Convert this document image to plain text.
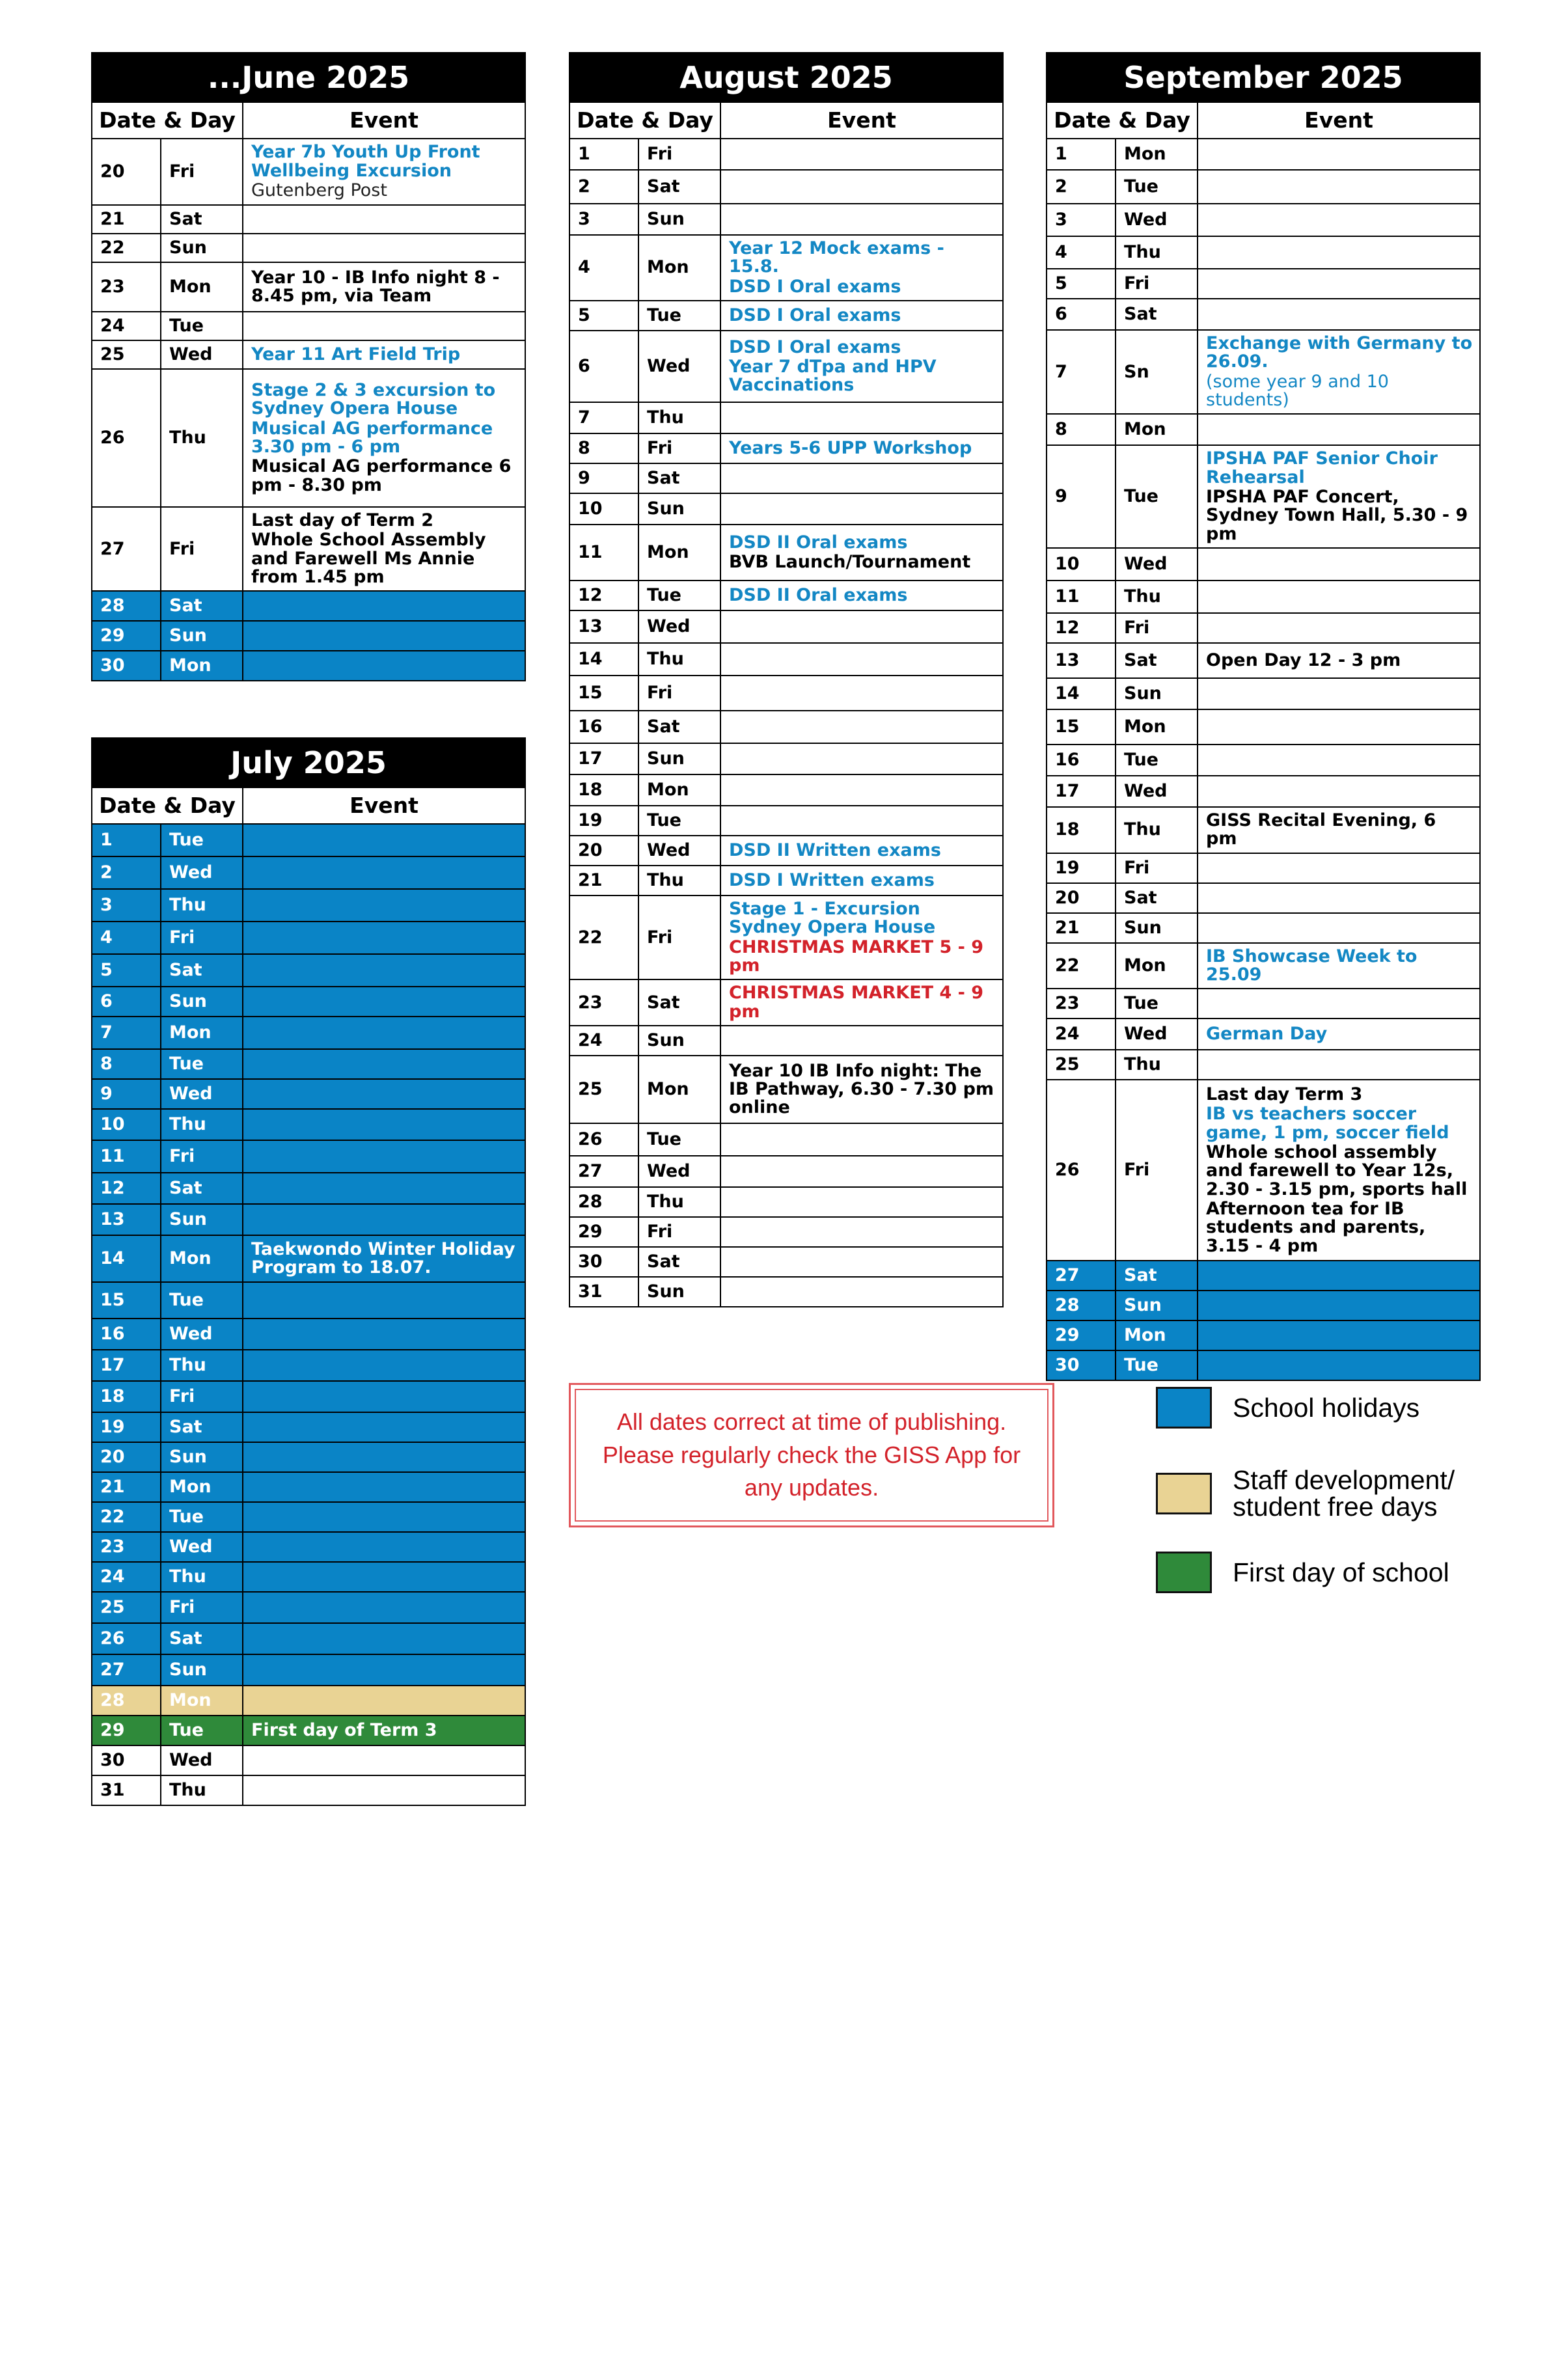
...June 2025		
Date & Day		Event
20	Fri	Year 7b Youth Up Front Wellbeing Excursion
Gutenberg Post

21	Sat	
22	Sun	
23	Mon	Year 10 - IB Info night 8 - 8.45 pm, via Team

24	Tue	
25	Wed	Year 11 Art Field Trip

26	Thu	Stage 2 & 3 excursion to Sydney Opera House
Musical AG performance 3.30 pm - 6 pm
Musical AG performance 6 pm - 8.30 pm

27	Fri	Last day of Term 2
Whole School Assembly and Farewell Ms Annie from 1.45 pm

28	Sat	
29	Sun	
30	Mon	
July 2025		
Date & Day		Event
1	Tue	
2	Wed	
3	Thu	
4	Fri	
5	Sat	
6	Sun	
7	Mon	
8	Tue	
9	Wed	
10	Thu	
11	Fri	
12	Sat	
13	Sun	
14	Mon	Taekwondo Winter Holiday Program to 18.07.

15	Tue	
16	Wed	
17	Thu	
18	Fri	
19	Sat	
20	Sun	
21	Mon	
22	Tue	
23	Wed	
24	Thu	
25	Fri	
26	Sat	
27	Sun	
28	Mon	
29	Tue	First day of Term 3

30	Wed	
31	Thu	
August 2025		
Date & Day		Event
1	Fri	
2	Sat	
3	Sun	
4	Mon	Year 12 Mock exams - 15.8.
DSD I Oral exams

5	Tue	DSD I Oral exams

6	Wed	DSD I Oral exams
Year 7 dTpa and HPV Vaccinations

7	Thu	
8	Fri	Years 5-6 UPP Workshop

9	Sat	
10	Sun	
11	Mon	DSD II Oral exams
BVB Launch/Tournament

12	Tue	DSD II Oral exams

13	Wed	
14	Thu	
15	Fri	
16	Sat	
17	Sun	
18	Mon	
19	Tue	
20	Wed	DSD II Written exams

21	Thu	DSD I Written exams

22	Fri	Stage 1 - Excursion Sydney Opera House
CHRISTMAS MARKET 5 - 9 pm

23	Sat	CHRISTMAS MARKET 4 - 9 pm

24	Sun	
25	Mon	Year 10 IB Info night: The IB Pathway, 6.30 - 7.30 pm online

26	Tue	
27	Wed	
28	Thu	
29	Fri	
30	Sat	
31	Sun	
September 2025		
Date & Day		Event
1	Mon	
2	Tue	
3	Wed	
4	Thu	
5	Fri	
6	Sat	
7	Sn	Exchange with Germany to 26.09.
(some year 9 and 10 students)

8	Mon	
9	Tue	IPSHA PAF Senior Choir Rehearsal
IPSHA PAF Concert, Sydney Town Hall, 5.30 - 9 pm

10	Wed	
11	Thu	
12	Fri	
13	Sat	Open Day 12 - 3 pm

14	Sun	
15	Mon	
16	Tue	
17	Wed	
18	Thu	GISS Recital Evening, 6 pm

19	Fri	
20	Sat	
21	Sun	
22	Mon	IB Showcase Week to 25.09

23	Tue	
24	Wed	German Day

25	Thu	
26	Fri	Last day Term 3
IB vs teachers soccer game, 1 pm, soccer field
Whole school assembly and farewell to Year 12s, 2.30 - 3.15 pm, sports hall
Afternoon tea for IB students and parents, 3.15 - 4 pm

27	Sat	
28	Sun	
29	Mon	
30	Tue	
All dates correct at time of publishing.
Please regularly check the GISS App for any updates.
School holidays
Staff development/ student free days
First day of school
